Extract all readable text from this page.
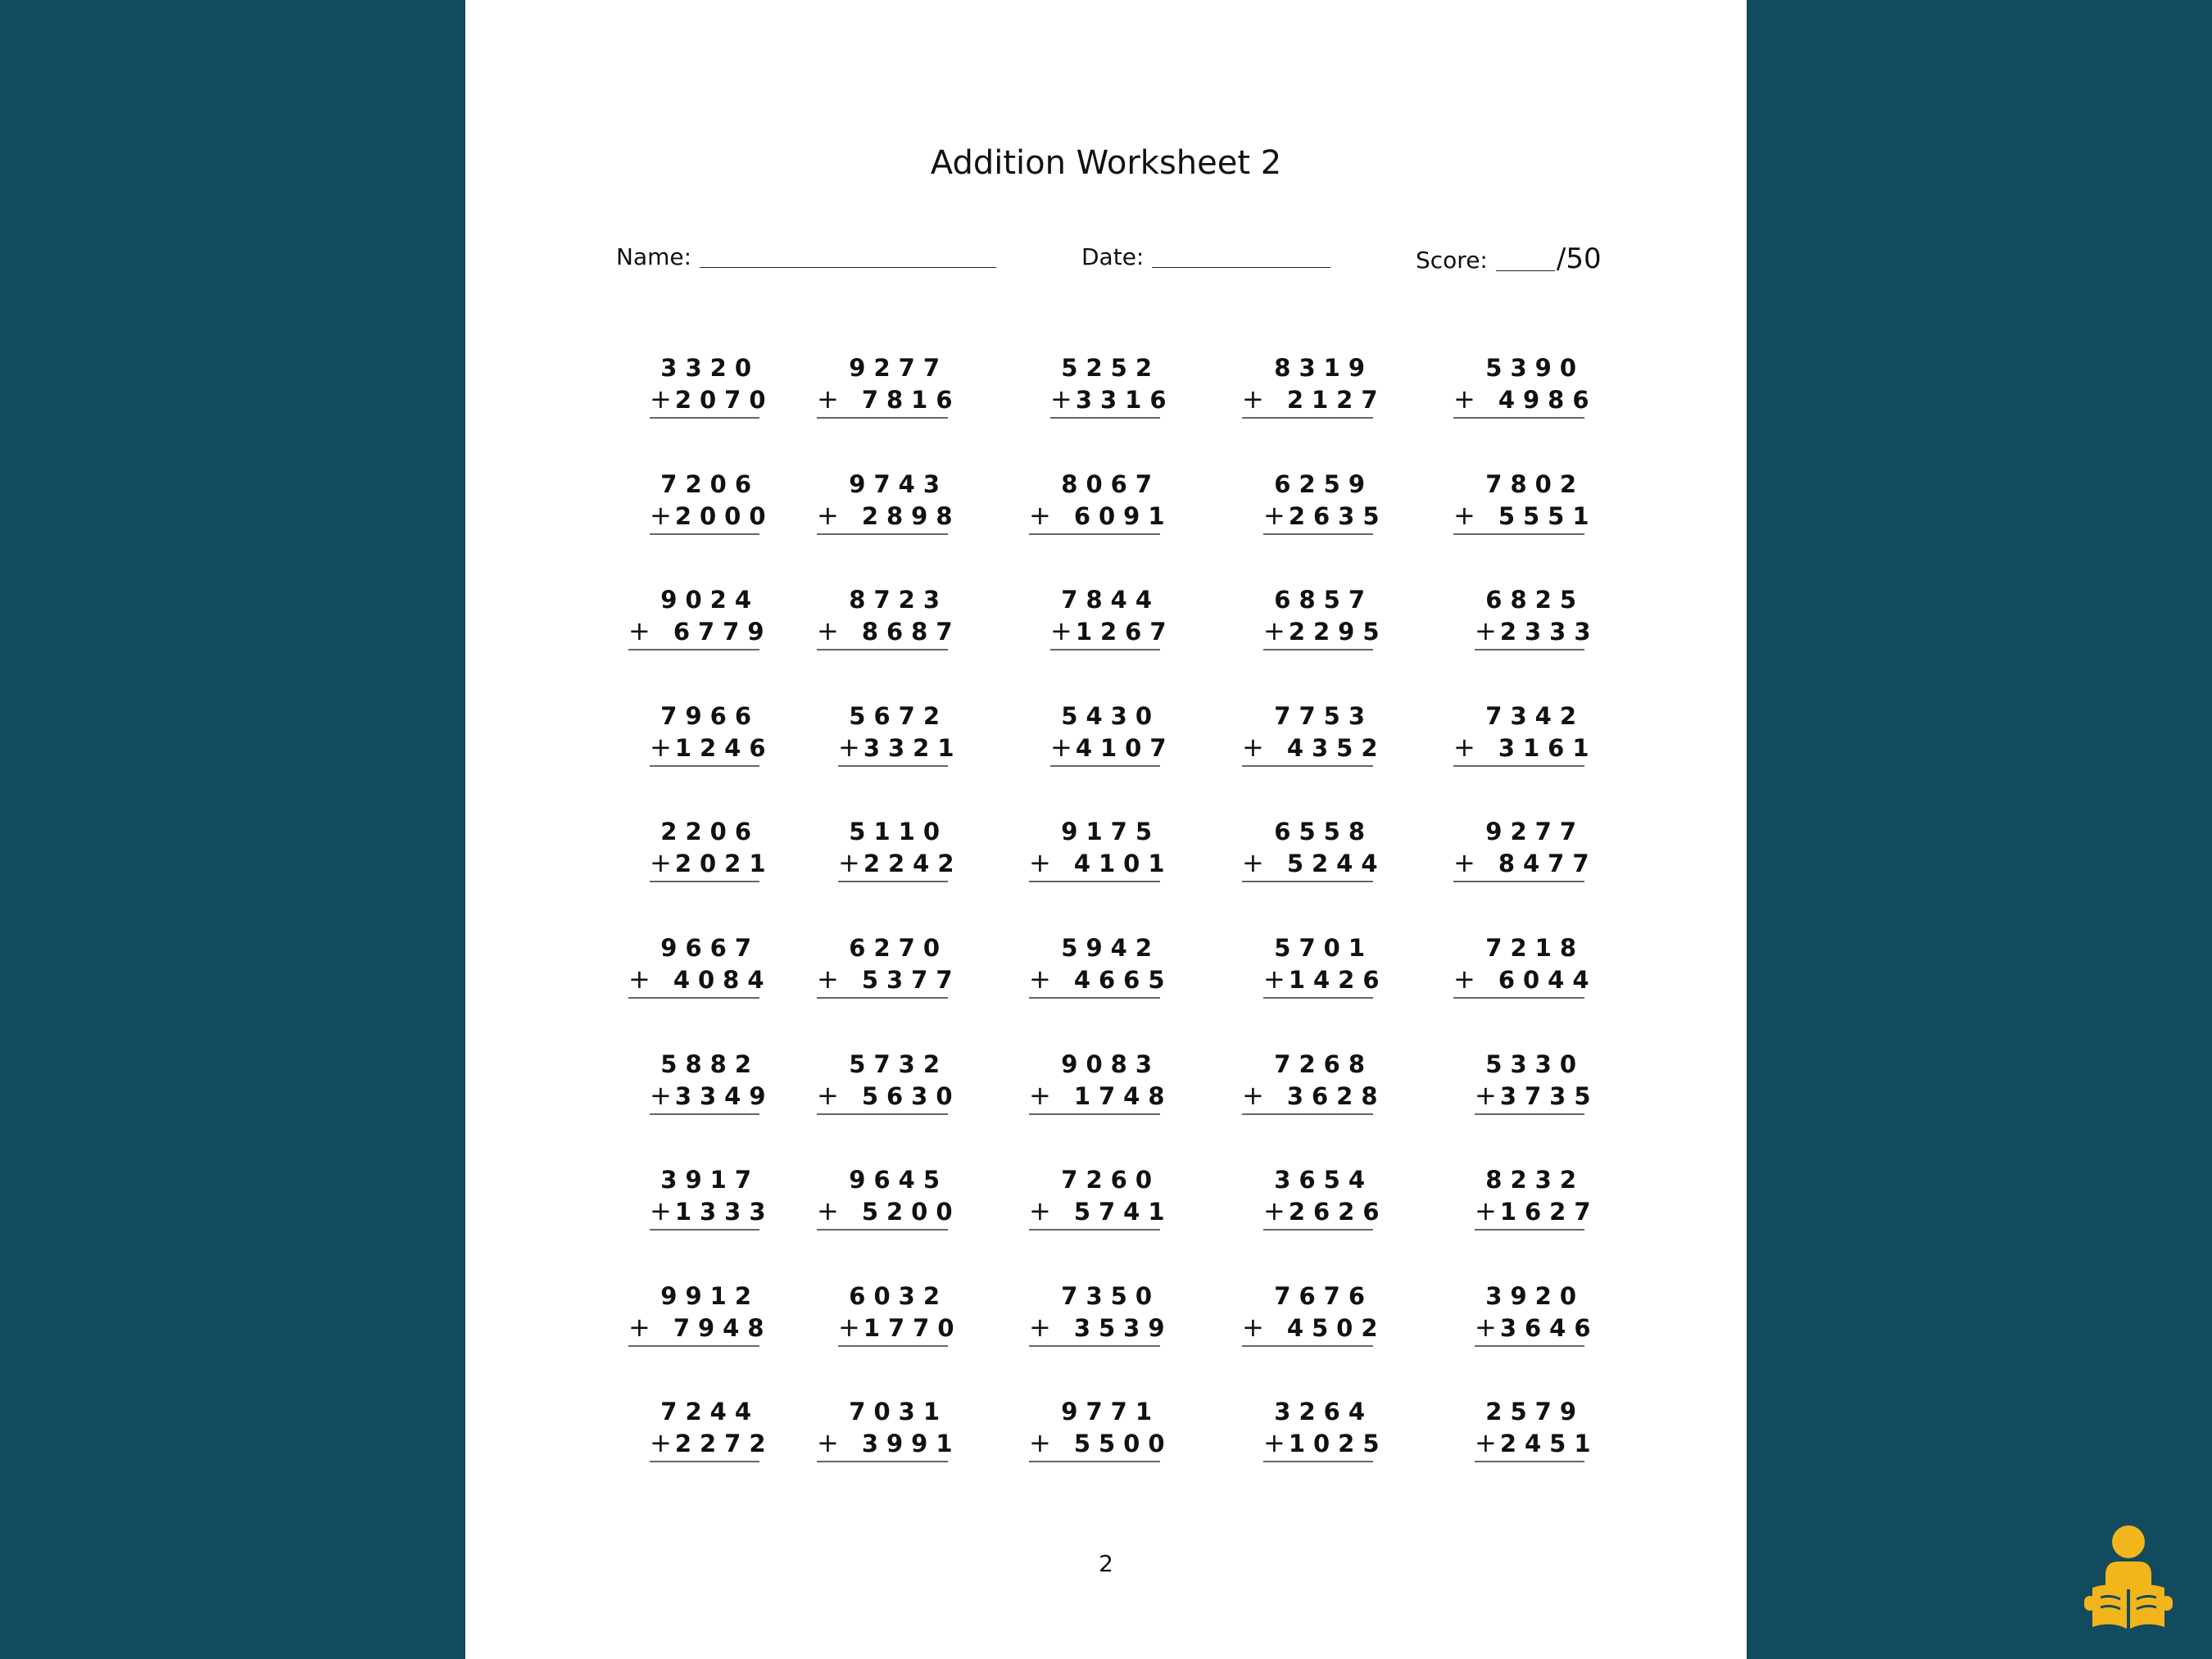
Addition Worksheet 2
Name:	Date:	Score: /50
3320
+ 2070
9277
+ 7816
5252
+ 3316
8319
+ 2127
5390
+ 4986
7206
+ 2000
9743
+ 2898
8067
+ 6091
6259
+ 2635
7802
+ 5551
9024
+ 6779
8723
+ 8687
7844
+ 1267
6857
+ 2295
6825
+ 2333
7966
+ 1246
5672
+ 3321
5430
+ 4107
7753
+ 4352
7342
+ 3161
2206
+ 2021
5110
+ 2242
9175
+ 4101
6558
+ 5244
9277
+ 8477
9667
+ 4084
6270
+ 5377
5942
+ 4665
5701
+ 1426
7218
+ 6044
5882
+ 3349
5732
+ 5630
9083
+ 1748
7268
+ 3628
5330
+ 3735
3917
+ 1333
9645
+ 5200
7260
+ 5741
3654
+ 2626
8232
+ 1627
9912
+ 7948
6032
+ 1770
7350
+ 3539
7676
+ 4502
3920
+ 3646
7244
+ 2272
7031
+ 3991
9771
+ 5500
3264
+ 1025
2579
+ 2451
2
